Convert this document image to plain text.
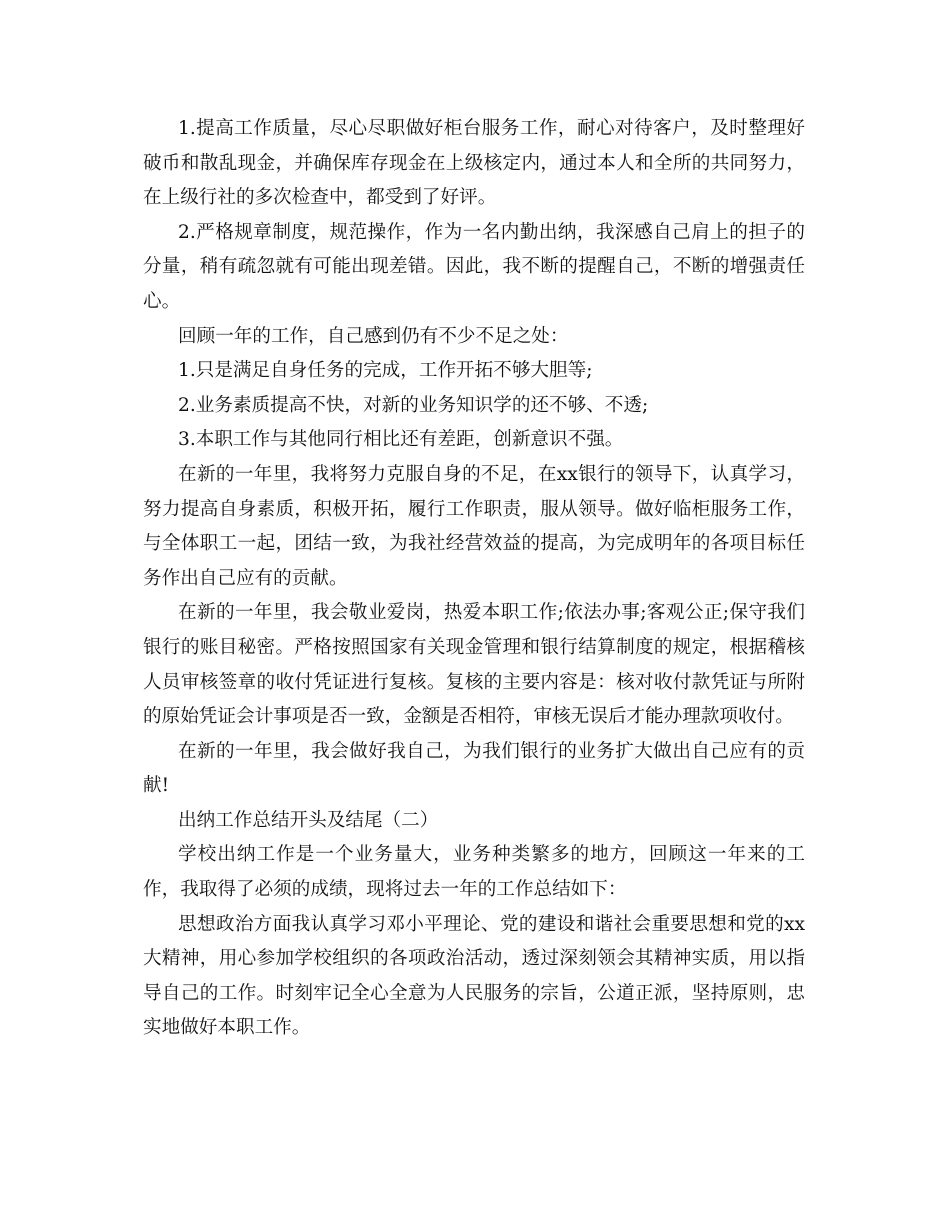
1.提高工作质量，尽心尽职做好柜台服务工作，耐心对待客户，及时整理好破币和散乱现金，并确保库存现金在上级核定内，通过本人和全所的共同努力，在上级行社的多次检查中，都受到了好评。

2.严格规章制度，规范操作，作为一名内勤出纳，我深感自己肩上的担子的分量，稍有疏忽就有可能出现差错。因此，我不断的提醒自己，不断的增强责任心。

回顾一年的工作，自己感到仍有不少不足之处：

1.只是满足自身任务的完成，工作开拓不够大胆等;

2.业务素质提高不快，对新的业务知识学的还不够、不透;

3.本职工作与其他同行相比还有差距，创新意识不强。

在新的一年里，我将努力克服自身的不足，在xx银行的领导下，认真学习，努力提高自身素质，积极开拓，履行工作职责，服从领导。做好临柜服务工作，与全体职工一起，团结一致，为我社经营效益的提高，为完成明年的各项目标任务作出自己应有的贡献。

在新的一年里，我会敬业爱岗，热爱本职工作;依法办事;客观公正;保守我们银行的账目秘密。严格按照国家有关现金管理和银行结算制度的规定，根据稽核人员审核签章的收付凭证进行复核。复核的主要内容是：核对收付款凭证与所附的原始凭证会计事项是否一致，金额是否相符，审核无误后才能办理款项收付。

在新的一年里，我会做好我自己，为我们银行的业务扩大做出自己应有的贡献!

出纳工作总结开头及结尾（二）

学校出纳工作是一个业务量大，业务种类繁多的地方，回顾这一年来的工作，我取得了必须的成绩，现将过去一年的工作总结如下：

思想政治方面我认真学习邓小平理论、党的建设和谐社会重要思想和党的xx大精神，用心参加学校组织的各项政治活动，透过深刻领会其精神实质，用以指导自己的工作。时刻牢记全心全意为人民服务的宗旨，公道正派，坚持原则，忠实地做好本职工作。
